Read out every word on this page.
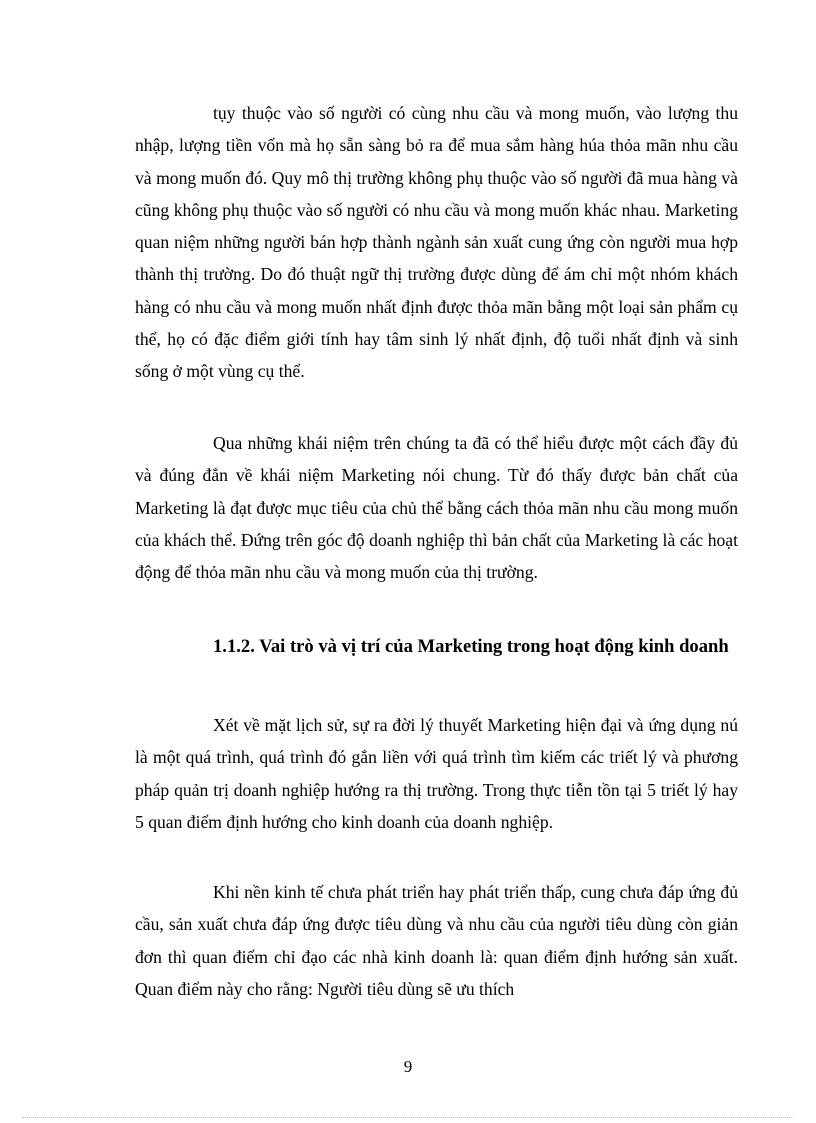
tụy thuộc vào số người có cùng nhu cầu và mong muốn, vào lượng thu nhập, lượng tiền vốn mà họ sẵn sàng bỏ ra để mua sắm hàng húa thỏa mãn nhu cầu và mong muốn đó. Quy mô thị trường không phụ thuộc vào số người đã mua hàng và cũng không phụ thuộc vào số người có nhu cầu và mong muốn khác nhau. Marketing quan niệm những người bán hợp thành ngành sản xuất cung ứng còn người mua hợp thành thị trường. Do đó thuật ngữ thị trường được dùng để ám chỉ một nhóm khách hàng có nhu cầu và mong muốn nhất định được thỏa mãn bằng một loại sản phẩm cụ thể, họ có đặc điểm giới tính hay tâm sinh lý nhất định, độ tuổi nhất định và sinh sống ở một vùng cụ thể.

Qua những khái niệm trên chúng ta đã có thể hiểu được một cách đầy đủ và đúng đắn về khái niệm Marketing nói chung. Từ đó thấy được bản chất của Marketing là đạt được mục tiêu của chủ thể bằng cách thỏa mãn nhu cầu mong muốn của khách thể. Đứng trên góc độ doanh nghiệp thì bản chất của Marketing là các hoạt động để thỏa mãn nhu cầu và mong muốn của thị trường.

1.1.2. Vai trò và vị trí của Marketing trong hoạt động kinh doanh

Xét về mặt lịch sử, sự ra đời lý thuyết Marketing hiện đại và ứng dụng nú là một quá trình, quá trình đó gắn liền với quá trình tìm kiếm các triết lý và phương pháp quản trị doanh nghiệp hướng ra thị trường. Trong thực tiễn tồn tại 5 triết lý hay 5 quan điểm định hướng cho kinh doanh của doanh nghiệp.

Khi nền kinh tế chưa phát triển hay phát triển thấp, cung chưa đáp ứng đủ cầu, sản xuất chưa đáp ứng được tiêu dùng và nhu cầu của người tiêu dùng còn giản đơn thì quan điểm chỉ đạo các nhà kinh doanh là: quan điểm định hướng sản xuất. Quan điểm này cho rằng: Người tiêu dùng sẽ ưu thích

9
